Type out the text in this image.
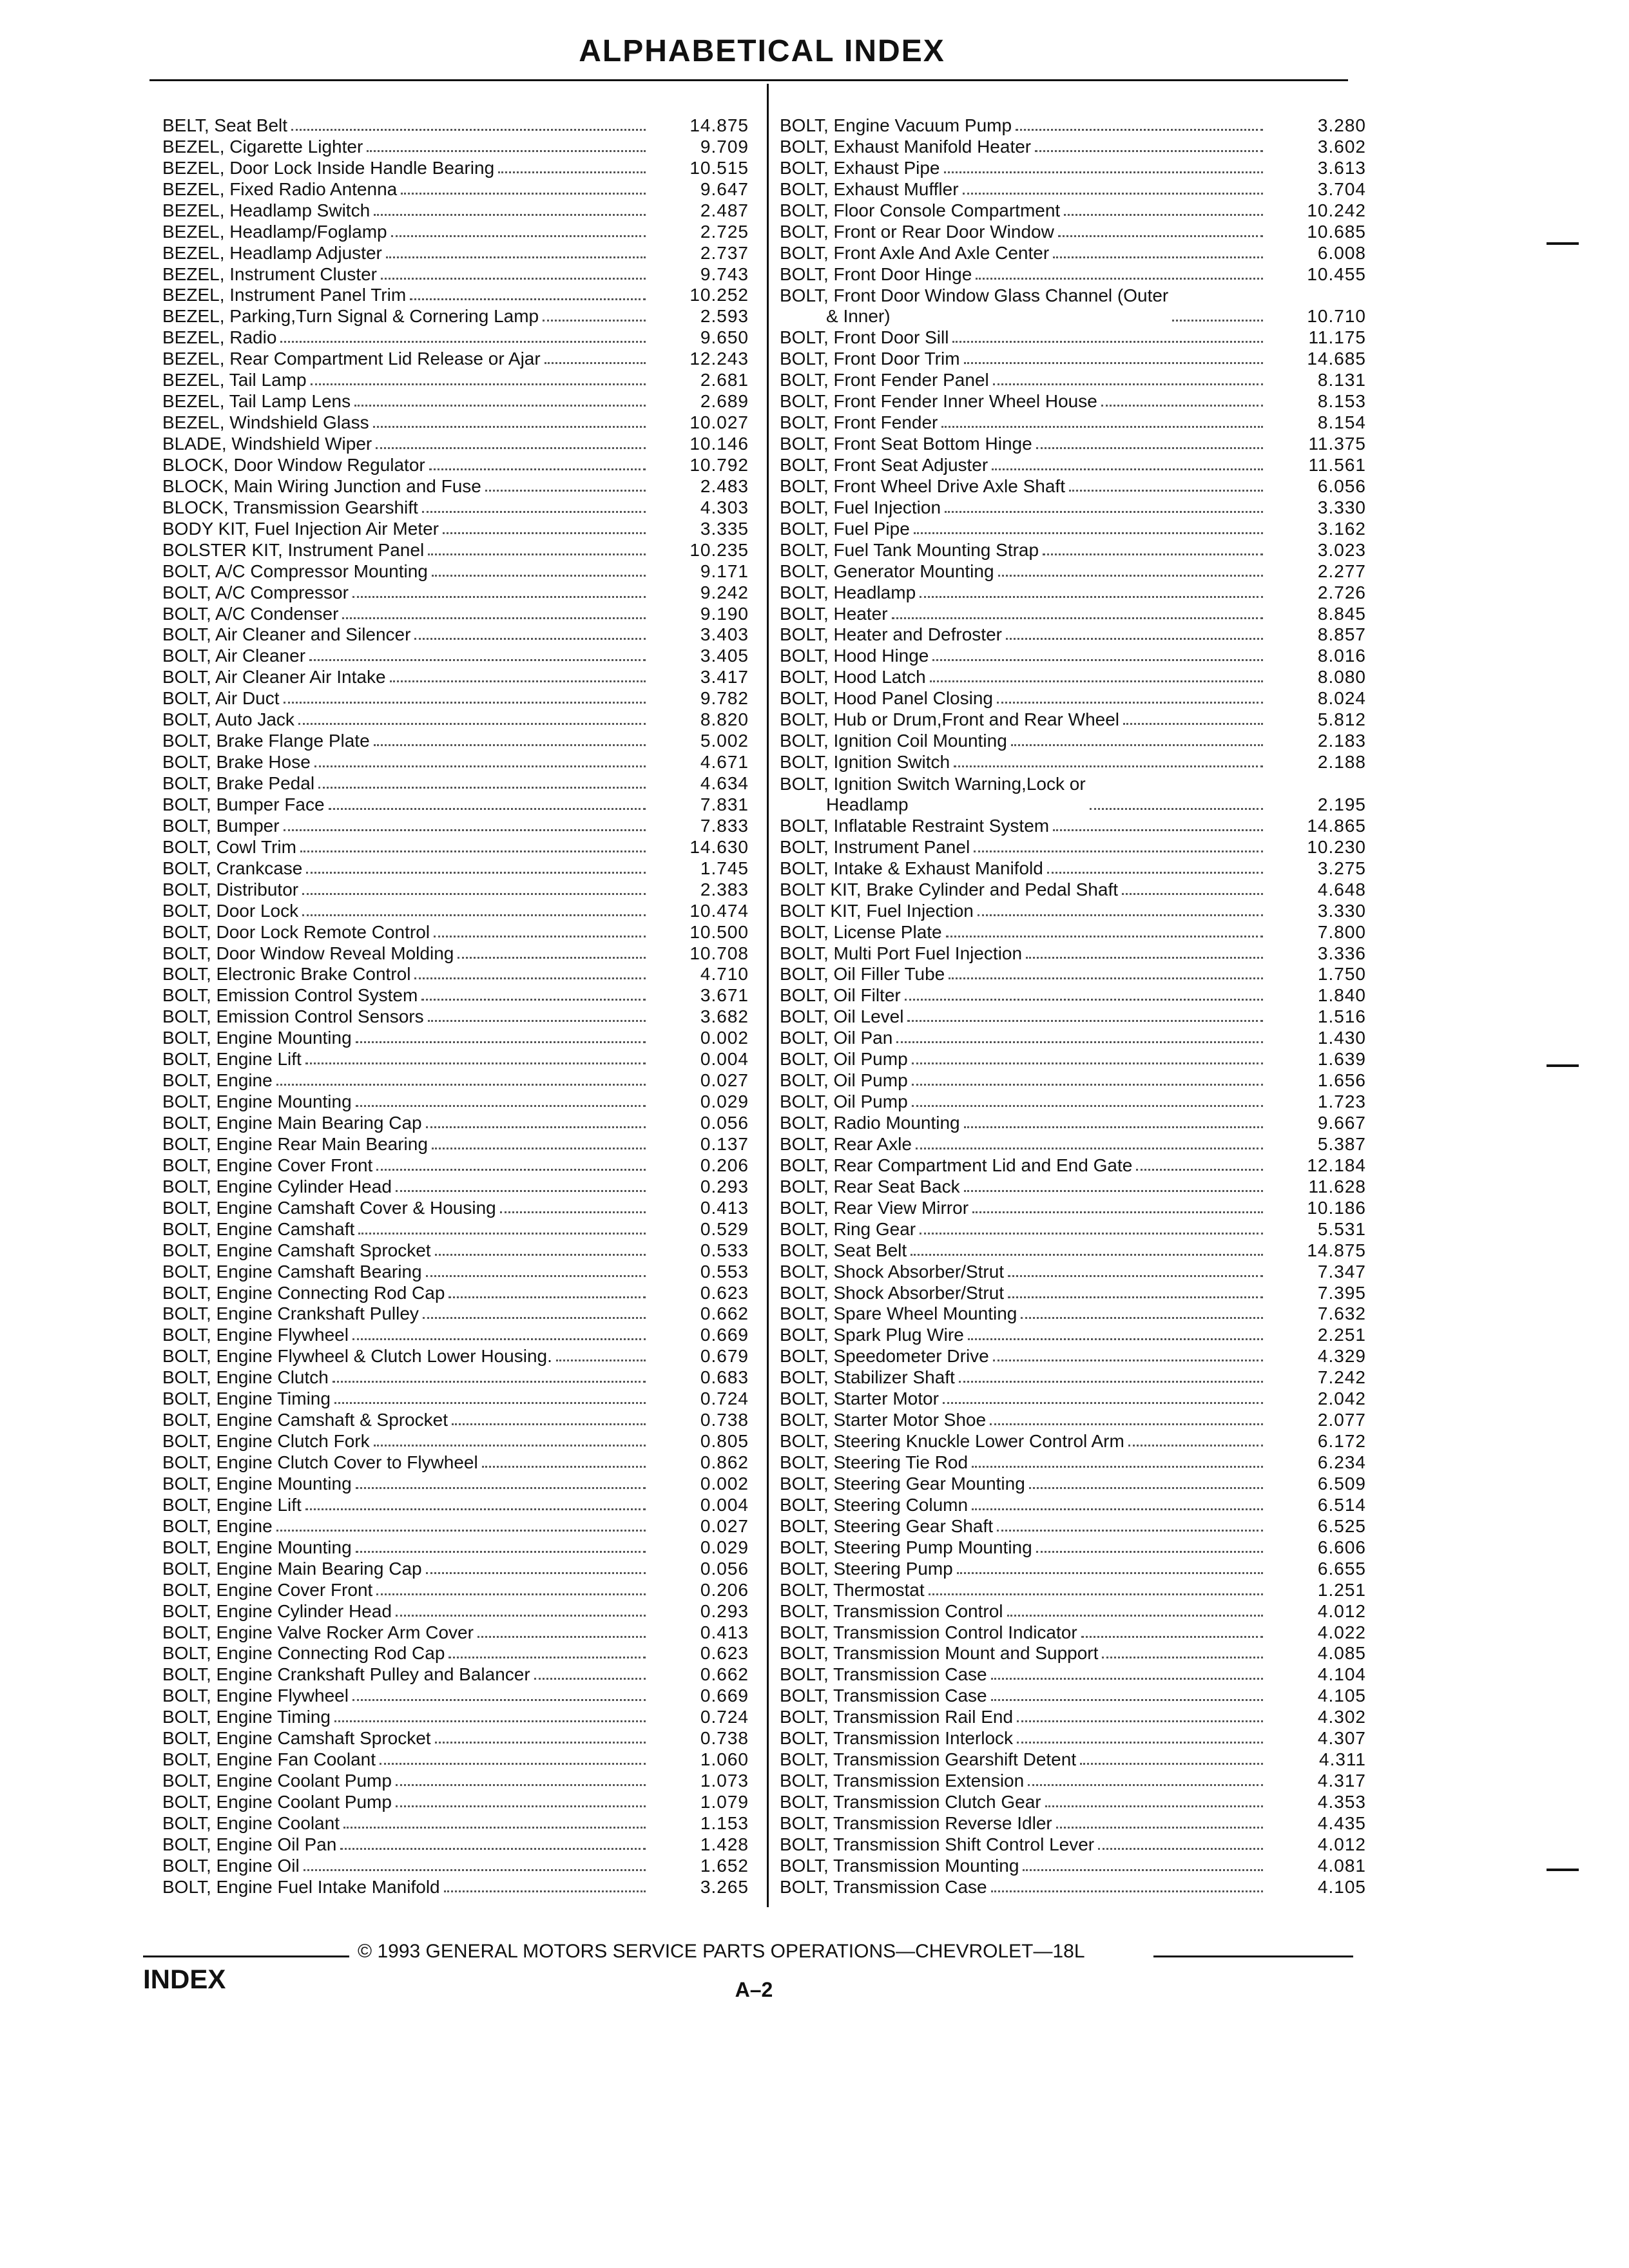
ALPHABETICAL INDEX
BELT, Seat Belt	14.875
BEZEL, Cigarette Lighter	9.709
BEZEL, Door Lock Inside Handle Bearing	10.515
BEZEL, Fixed Radio Antenna	9.647
BEZEL, Headlamp Switch	2.487
BEZEL, Headlamp/Foglamp	2.725
BEZEL, Headlamp Adjuster	2.737
BEZEL, Instrument Cluster	9.743
BEZEL, Instrument Panel Trim	10.252
BEZEL, Parking,Turn Signal & Cornering Lamp	2.593
BEZEL, Radio	9.650
BEZEL, Rear Compartment Lid Release or Ajar	12.243
BEZEL, Tail Lamp	2.681
BEZEL, Tail Lamp Lens	2.689
BEZEL, Windshield Glass	10.027
BLADE, Windshield Wiper	10.146
BLOCK, Door Window Regulator	10.792
BLOCK, Main Wiring Junction and Fuse	2.483
BLOCK, Transmission Gearshift	4.303
BODY KIT, Fuel Injection Air Meter	3.335
BOLSTER KIT, Instrument Panel	10.235
BOLT, A/C Compressor Mounting	9.171
BOLT, A/C Compressor	9.242
BOLT, A/C Condenser	9.190
BOLT, Air Cleaner and Silencer	3.403
BOLT, Air Cleaner	3.405
BOLT, Air Cleaner Air Intake	3.417
BOLT, Air Duct	9.782
BOLT, Auto Jack	8.820
BOLT, Brake Flange Plate	5.002
BOLT, Brake Hose	4.671
BOLT, Brake Pedal	4.634
BOLT, Bumper Face	7.831
BOLT, Bumper	7.833
BOLT, Cowl Trim	14.630
BOLT, Crankcase	1.745
BOLT, Distributor	2.383
BOLT, Door Lock	10.474
BOLT, Door Lock Remote Control	10.500
BOLT, Door Window Reveal Molding	10.708
BOLT, Electronic Brake Control	4.710
BOLT, Emission Control System	3.671
BOLT, Emission Control Sensors	3.682
BOLT, Engine Mounting	0.002
BOLT, Engine Lift	0.004
BOLT, Engine	0.027
BOLT, Engine Mounting	0.029
BOLT, Engine Main Bearing Cap	0.056
BOLT, Engine Rear Main Bearing	0.137
BOLT, Engine Cover Front	0.206
BOLT, Engine Cylinder Head	0.293
BOLT, Engine Camshaft Cover & Housing	0.413
BOLT, Engine Camshaft	0.529
BOLT, Engine Camshaft Sprocket	0.533
BOLT, Engine Camshaft Bearing	0.553
BOLT, Engine Connecting Rod Cap	0.623
BOLT, Engine Crankshaft Pulley	0.662
BOLT, Engine Flywheel	0.669
BOLT, Engine Flywheel & Clutch Lower Housing.	0.679
BOLT, Engine Clutch	0.683
BOLT, Engine Timing	0.724
BOLT, Engine Camshaft & Sprocket	0.738
BOLT, Engine Clutch Fork	0.805
BOLT, Engine Clutch Cover to Flywheel	0.862
BOLT, Engine Mounting	0.002
BOLT, Engine Lift	0.004
BOLT, Engine	0.027
BOLT, Engine Mounting	0.029
BOLT, Engine Main Bearing Cap	0.056
BOLT, Engine Cover Front	0.206
BOLT, Engine Cylinder Head	0.293
BOLT, Engine Valve Rocker Arm Cover	0.413
BOLT, Engine Connecting Rod Cap	0.623
BOLT, Engine Crankshaft Pulley and Balancer	0.662
BOLT, Engine Flywheel	0.669
BOLT, Engine Timing	0.724
BOLT, Engine Camshaft Sprocket	0.738
BOLT, Engine Fan Coolant	1.060
BOLT, Engine Coolant Pump	1.073
BOLT, Engine Coolant Pump	1.079
BOLT, Engine Coolant	1.153
BOLT, Engine Oil Pan	1.428
BOLT, Engine Oil	1.652
BOLT, Engine Fuel Intake Manifold	3.265
BOLT, Engine Vacuum Pump	3.280
BOLT, Exhaust Manifold Heater	3.602
BOLT, Exhaust Pipe	3.613
BOLT, Exhaust Muffler	3.704
BOLT, Floor Console Compartment	10.242
BOLT, Front or Rear Door Window	10.685
BOLT, Front Axle And Axle Center	6.008
BOLT, Front Door Hinge	10.455
BOLT, Front Door Window Glass Channel (Outer
& Inner)	10.710
BOLT, Front Door Sill	11.175
BOLT, Front Door Trim	14.685
BOLT, Front Fender Panel	8.131
BOLT, Front Fender Inner Wheel House	8.153
BOLT, Front Fender	8.154
BOLT, Front Seat Bottom Hinge	11.375
BOLT, Front Seat Adjuster	11.561
BOLT, Front Wheel Drive Axle Shaft	6.056
BOLT, Fuel Injection	3.330
BOLT, Fuel Pipe	3.162
BOLT, Fuel Tank Mounting Strap	3.023
BOLT, Generator Mounting	2.277
BOLT, Headlamp	2.726
BOLT, Heater	8.845
BOLT, Heater and Defroster	8.857
BOLT, Hood Hinge	8.016
BOLT, Hood Latch	8.080
BOLT, Hood Panel Closing	8.024
BOLT, Hub or Drum,Front and Rear Wheel	5.812
BOLT, Ignition Coil Mounting	2.183
BOLT, Ignition Switch	2.188
BOLT, Ignition Switch Warning,Lock or
Headlamp	2.195
BOLT, Inflatable Restraint System	14.865
BOLT, Instrument Panel	10.230
BOLT, Intake & Exhaust Manifold	3.275
BOLT KIT, Brake Cylinder and Pedal Shaft	4.648
BOLT KIT, Fuel Injection	3.330
BOLT, License Plate	7.800
BOLT, Multi Port Fuel Injection	3.336
BOLT, Oil Filler Tube	1.750
BOLT, Oil Filter	1.840
BOLT, Oil Level	1.516
BOLT, Oil Pan	1.430
BOLT, Oil Pump	1.639
BOLT, Oil Pump	1.656
BOLT, Oil Pump	1.723
BOLT, Radio Mounting	9.667
BOLT, Rear Axle	5.387
BOLT, Rear Compartment Lid and End Gate	12.184
BOLT, Rear Seat Back	11.628
BOLT, Rear View Mirror	10.186
BOLT, Ring Gear	5.531
BOLT, Seat Belt	14.875
BOLT, Shock Absorber/Strut	7.347
BOLT, Shock Absorber/Strut	7.395
BOLT, Spare Wheel Mounting	7.632
BOLT, Spark Plug Wire	2.251
BOLT, Speedometer Drive	4.329
BOLT, Stabilizer Shaft	7.242
BOLT, Starter Motor	2.042
BOLT, Starter Motor Shoe	2.077
BOLT, Steering Knuckle Lower Control Arm	6.172
BOLT, Steering Tie Rod	6.234
BOLT, Steering Gear Mounting	6.509
BOLT, Steering Column	6.514
BOLT, Steering Gear Shaft	6.525
BOLT, Steering Pump Mounting	6.606
BOLT, Steering Pump	6.655
BOLT, Thermostat	1.251
BOLT, Transmission Control	4.012
BOLT, Transmission Control Indicator	4.022
BOLT, Transmission Mount and Support	4.085
BOLT, Transmission Case	4.104
BOLT, Transmission Case	4.105
BOLT, Transmission Rail End	4.302
BOLT, Transmission Interlock	4.307
BOLT, Transmission Gearshift Detent	4.311
BOLT, Transmission Extension	4.317
BOLT, Transmission Clutch Gear	4.353
BOLT, Transmission Reverse Idler	4.435
BOLT, Transmission Shift Control Lever	4.012
BOLT, Transmission Mounting	4.081
BOLT, Transmission Case	4.105
© 1993 GENERAL MOTORS SERVICE PARTS OPERATIONS—CHEVROLET—18L
INDEX	A–2
